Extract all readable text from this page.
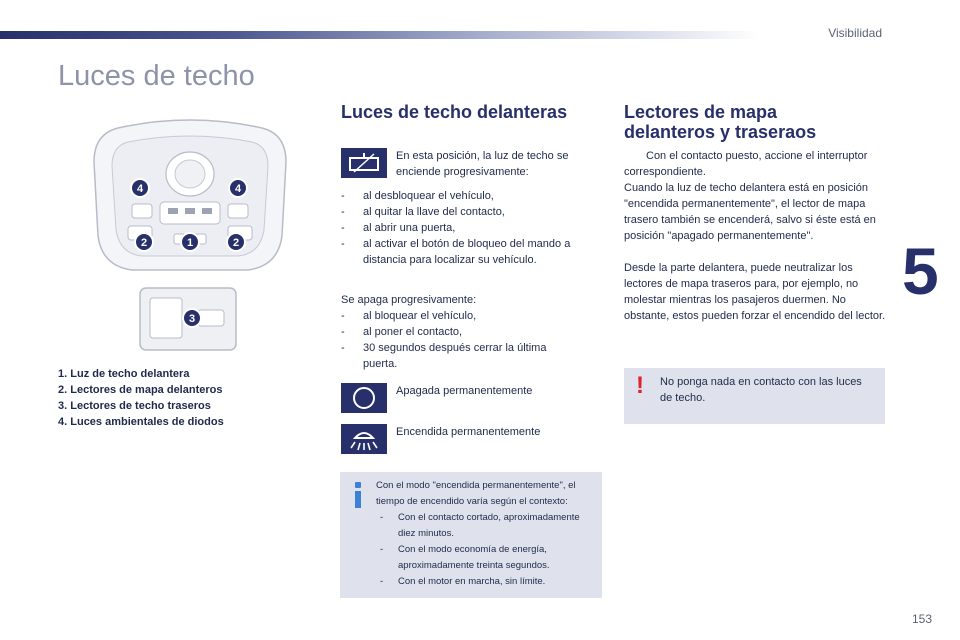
Visibilidad
5
Luces de techo
4	4
2	1	2
3
1. Luz de techo delantera
2. Lectores de mapa delanteros
3. Lectores de techo traseros
4. Luces ambientales de diodos
Luces de techo delanteras
En esta posición, la luz de techo se enciende progresivamente:
- al desbloquear el vehículo,
- al quitar la llave del contacto,
- al abrir una puerta,
- al activar el botón de bloqueo del mando a distancia para localizar su vehículo.
Se apaga progresivamente:
- al bloquear el vehículo,
- al poner el contacto,
- 30 segundos después cerrar la última puerta.
Apagada permanentemente
Encendida permanentemente
Con el modo "encendida permanentemente", el tiempo de encendido varía según el contexto:
- Con el contacto cortado, aproximadamente diez minutos.
- Con el modo economía de energía, aproximadamente treinta segundos.
- Con el motor en marcha, sin límite.
Lectores de mapa
delanteros y traseraos
Con el contacto puesto, accione el interruptor correspondiente.
Cuando la luz de techo delantera está en posición "encendida permanentemente", el lector de mapa trasero también se encenderá, salvo si éste está en posición "apagado permanentemente".
Desde la parte delantera, puede neutralizar los lectores de mapa traseros para, por ejemplo, no molestar mientras los pasajeros duermen. No obstante, estos pueden forzar el encendido del lector.
! No ponga nada en contacto con las luces de techo.
153
